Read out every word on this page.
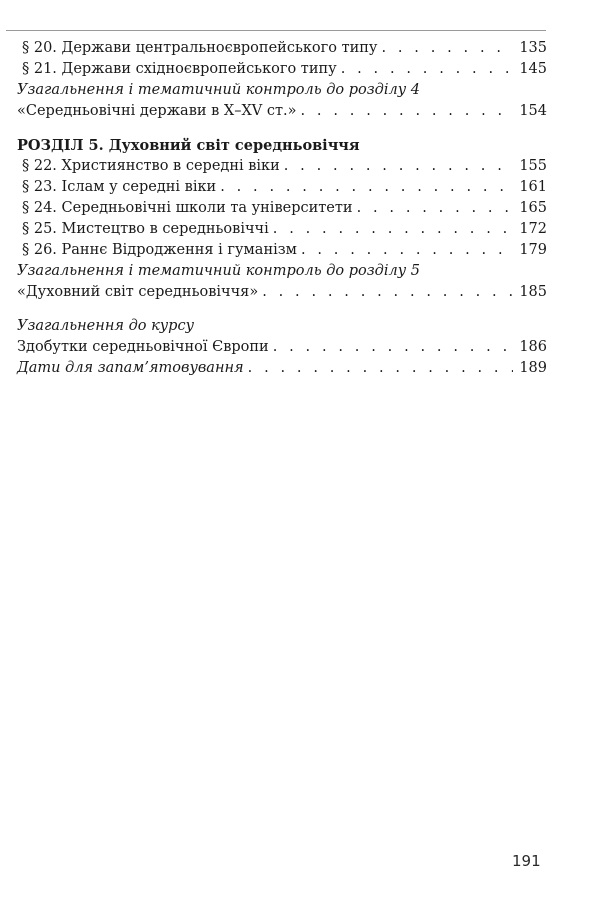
§ 20. Держави центральноєвропейського типу . . .	135
§ 21. Держави східноєвропейського типу . . .	145
Узагальнення і тематичний контроль до розділу 4
«Середньовічні держави в X–XV ст.» . . .	154
РОЗДІЛ 5. Духовний світ середньовіччя
§ 22. Християнство в середні віки . . .	155
§ 23. Іслам у середні віки . . .	161
§ 24. Середньовічні школи та університети . . .	165
§ 25. Мистецтво в середньовіччі . . .	172
§ 26. Раннє Відродження і гуманізм . . .	179
Узагальнення і тематичний контроль до розділу 5
«Духовний світ середньовіччя» . . .	185
Узагальнення до курсу
Здобутки середньовічної Європи . . .	186
Дати для запам’ятовування . . .	189
191
